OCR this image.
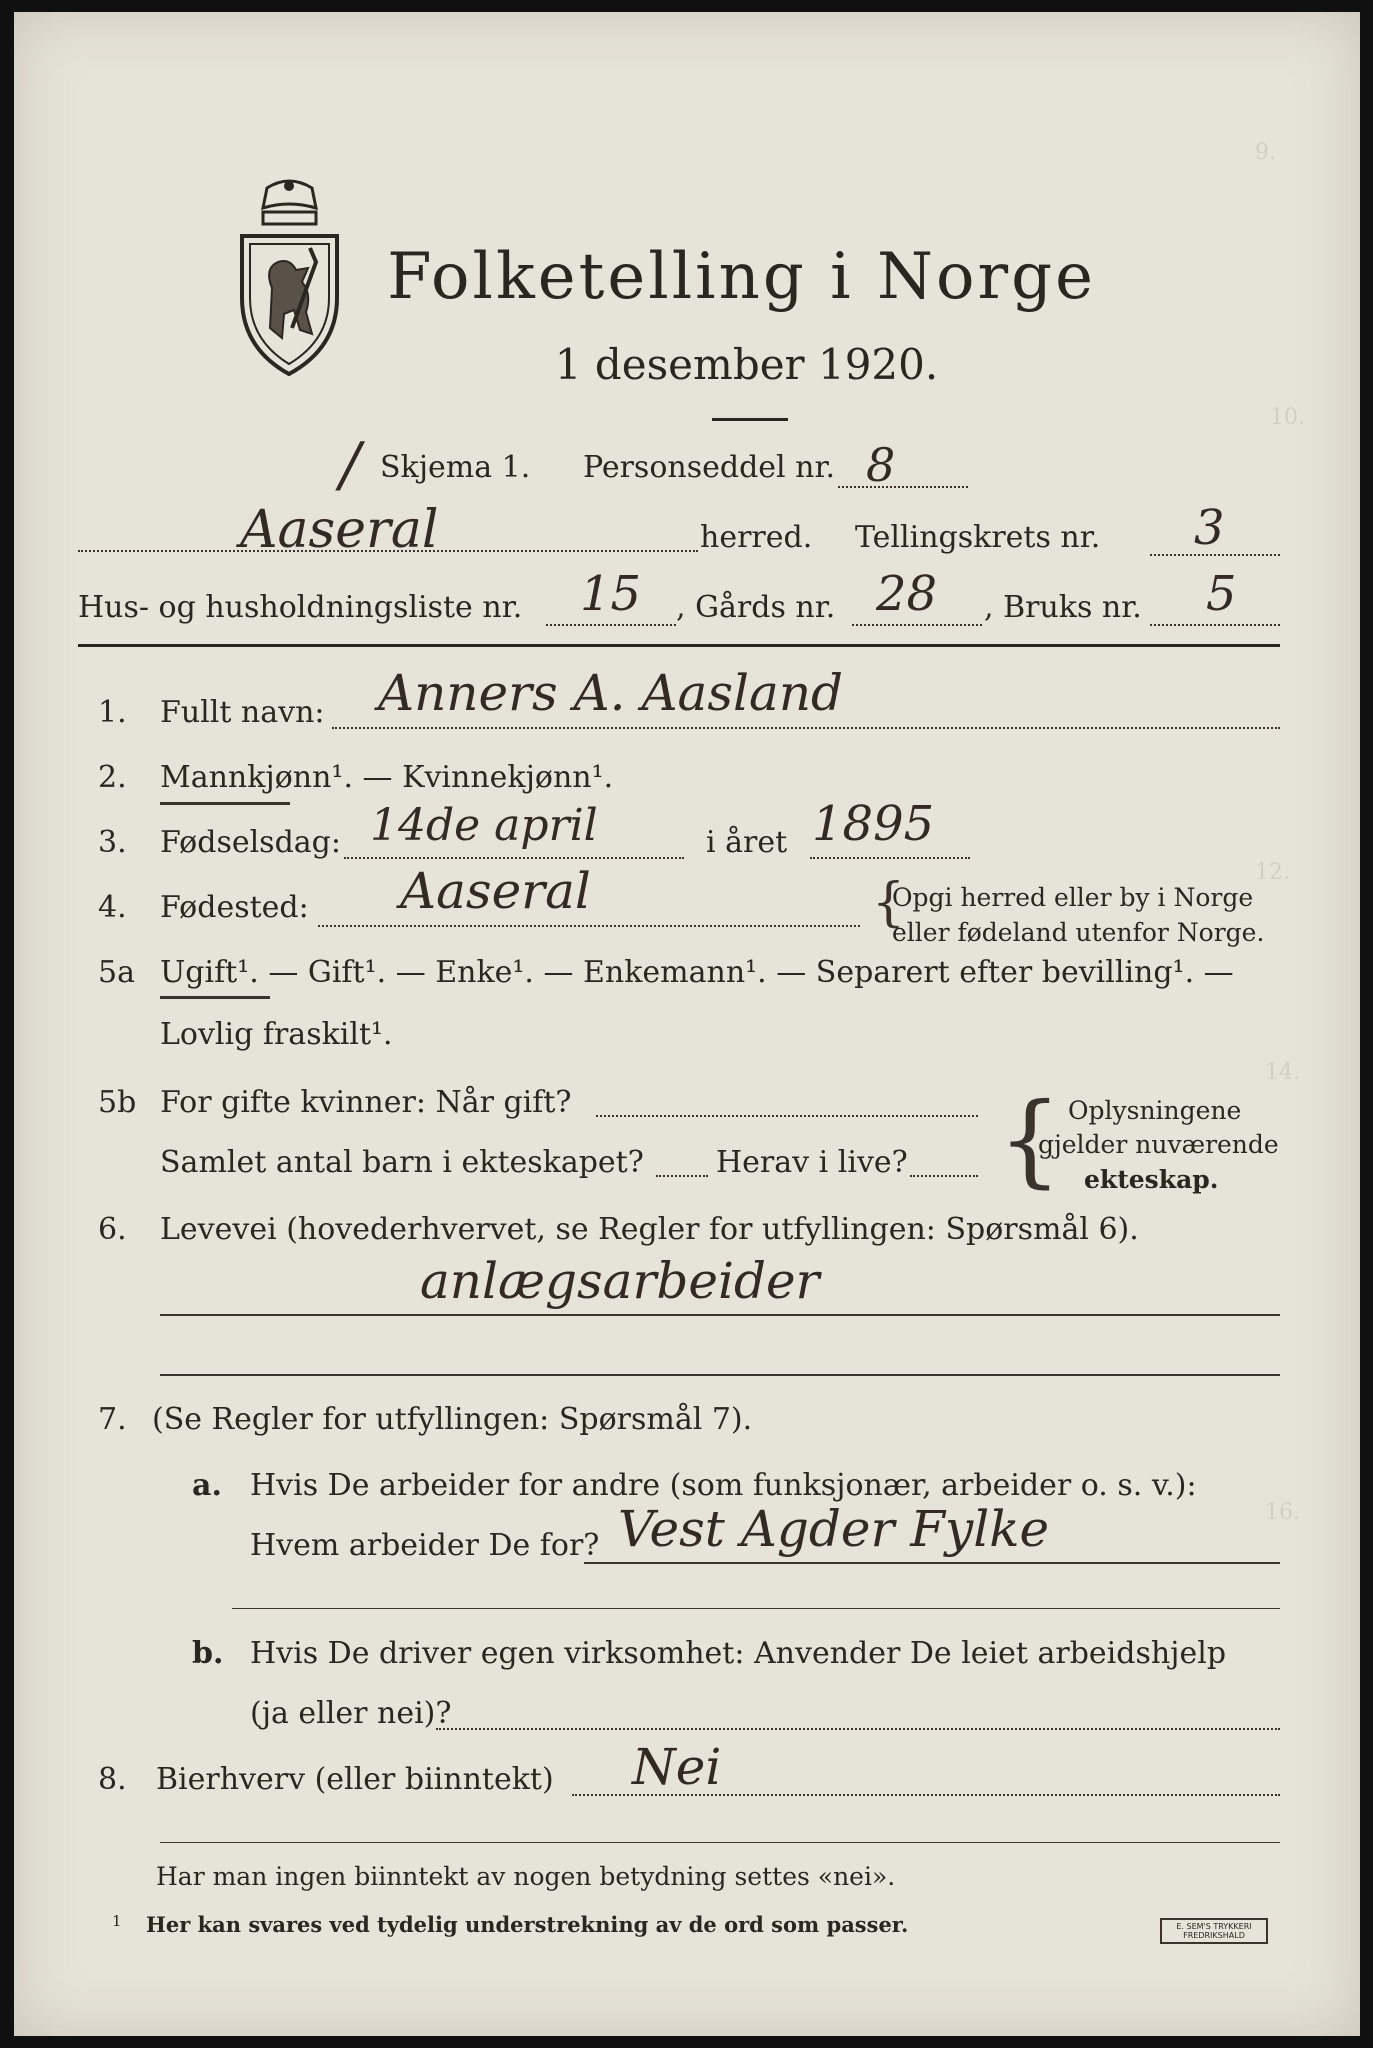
9.
10.
12.
14.
16.
Folketelling i Norge
1 desember 1920.
/ Skjema 1. Personseddel nr. 8
Aaseral	herred. Tellingskrets nr. 3
Hus- og husholdningsliste nr. 15 , Gårds nr. 28 , Bruks nr. 5
1. Fullt navn: Anners A. Aasland
2. Mannkjønn¹. — Kvinnekjønn¹.
3. Fødselsdag: 14de april	i året 1895
4. Fødested: Aaseral	{
Opgi herred eller by i Norge
eller fødeland utenfor Norge.
5a Ugift¹. — Gift¹. — Enke¹. — Enkemann¹. — Separert efter bevilling¹. —
Lovlig fraskilt¹.
5b For gifte kvinner: Når gift?
Samlet antal barn i ekteskapet? Herav i live? { Oplysningene
gjelder nuværende
ekteskap.
6. Levevei (hovederhvervet, se Regler for utfyllingen: Spørsmål 6).
anlægsarbeider
7. (Se Regler for utfyllingen: Spørsmål 7).
a. Hvis De arbeider for andre (som funksjonær, arbeider o. s. v.):
Hvem arbeider De for? Vest Agder Fylke
b. Hvis De driver egen virksomhet: Anvender De leiet arbeidshjelp
(ja eller nei)?
8. Bierhverv (eller biinntekt) Nei
Har man ingen biinntekt av nogen betydning settes «nei».
1 Her kan svares ved tydelig understrekning av de ord som passer.	E. SEM'S TRYKKERI
FREDRIKSHALD
